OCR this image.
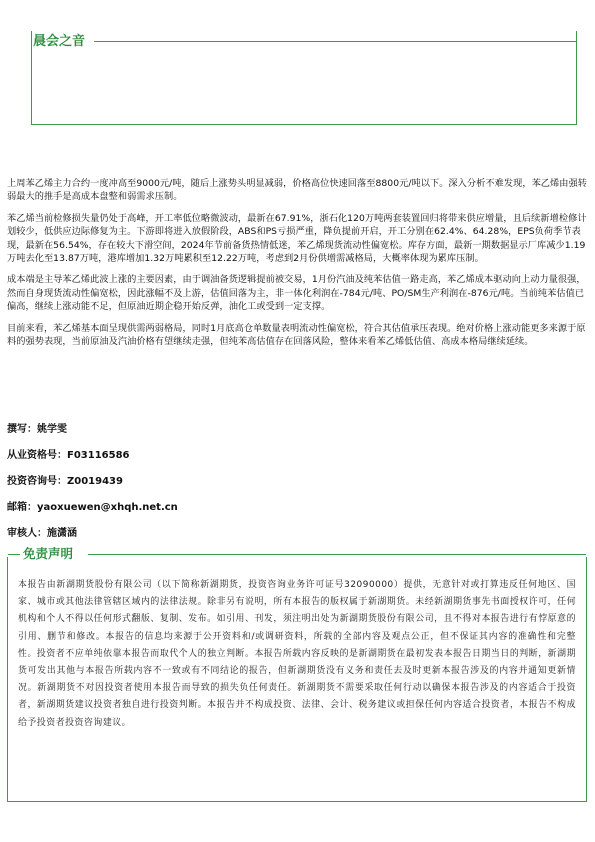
晨会之音

上周苯乙烯主力合约一度冲高至9000元/吨，随后上涨势头明显减弱，价格高位快速回落至8800元/吨以下。深入分析不难发现，苯乙烯由强转弱最大的推手是高成本盘整和弱需求压制。

苯乙烯当前检修损失量仍处于高峰，开工率低位略微波动，最新在67.91%，浙石化120万吨两套装置回归将带来供应增量，且后续新增检修计划较少，低供应边际修复为主。下游即将进入放假阶段，ABS和PS亏损严重，降负提前开启，开工分别在62.4%、64.28%，EPS负荷季节表现，最新在56.54%，存在较大下滑空间，2024年节前备货热情低迷，苯乙烯现货流动性偏宽松。库存方面，最新一期数据显示厂库减少1.19万吨去化至13.87万吨，港库增加1.32万吨累积至12.22万吨，考虑到2月份供增需减格局，大概率体现为累库压制。

成本端是主导苯乙烯此波上涨的主要因素，由于调油备货逻辑提前被交易，1月份汽油及纯苯估值一路走高，苯乙烯成本驱动向上动力量很强，然而自身现货流动性偏宽松，因此涨幅不及上游，估值回落为主，非一体化利润在-784元/吨、PO/SM生产利润在-876元/吨。当前纯苯估值已偏高，继续上涨动能不足，但原油近期企稳开始反弹，油化工或受到一定支撑。

目前来看，苯乙烯基本面呈现供需两弱格局，同时1月底高仓单数量表明流动性偏宽松，符合其估值承压表现。绝对价格上涨动能更多来源于原料的强势表现，当前原油及汽油价格有望继续走强，但纯苯高估值存在回落风险，整体来看苯乙烯低估值、高成本格局继续延续。

撰写：姚学雯
从业资格号：F03116586
投资咨询号：Z0019439
邮箱：yaoxuewen@xhqh.net.cn
审核人：施潇涵
免责声明
本报告由新湖期货股份有限公司（以下简称新湖期货，投资咨询业务许可证号32090000）提供，无意针对或打算违反任何地区、国家、城市或其他法律管辖区域内的法律法规。除非另有说明，所有本报告的版权属于新湖期货。未经新湖期货事先书面授权许可，任何机构和个人不得以任何形式翻版、复制、发布。如引用、刊发，须注明出处为新湖期货股份有限公司，且不得对本报告进行有悖原意的引用、删节和修改。本报告的信息均来源于公开资料和/或调研资料，所载的全部内容及观点公正，但不保证其内容的准确性和完整性。投资者不应单纯依靠本报告而取代个人的独立判断。本报告所载内容反映的是新湖期货在最初发表本报告日期当日的判断，新湖期货可发出其他与本报告所载内容不一致或有不同结论的报告，但新湖期货没有义务和责任去及时更新本报告涉及的内容并通知更新情况。新湖期货不对因投资者使用本报告而导致的损失负任何责任。新湖期货不需要采取任何行动以确保本报告涉及的内容适合于投资者，新湖期货建议投资者独自进行投资判断。本报告并不构成投资、法律、会计、税务建议或担保任何内容适合投资者，本报告不构成给予投资者投资咨询建议。
